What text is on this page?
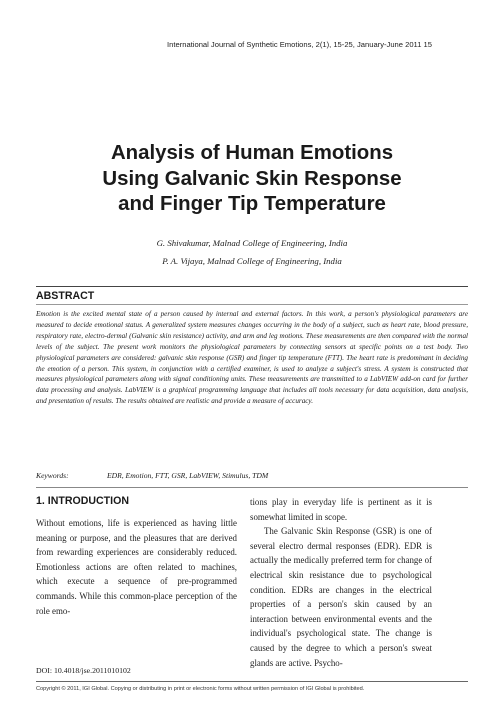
International Journal of Synthetic Emotions, 2(1), 15-25, January-June 2011 15
Analysis of Human Emotions
Using Galvanic Skin Response
and Finger Tip Temperature
G. Shivakumar, Malnad College of Engineering, India
P. A. Vijaya, Malnad College of Engineering, India
ABSTRACT
Emotion is the excited mental state of a person caused by internal and external factors. In this work, a person's physiological parameters are measured to decide emotional status. A generalized system measures changes occurring in the body of a subject, such as heart rate, blood pressure, respiratory rate, electro-dermal (Galvanic skin resistance) activity, and arm and leg motions. These measurements are then compared with the normal levels of the subject. The present work monitors the physiological parameters by connecting sensors at specific points on a test body. Two physiological parameters are considered: galvanic skin response (GSR) and finger tip temperature (FTT). The heart rate is predominant in deciding the emotion of a person. This system, in conjunction with a certified examiner, is used to analyze a subject's stress. A system is constructed that measures physiological parameters along with signal conditioning units. These measurements are transmitted to a LabVIEW add-on card for further data processing and analysis. LabVIEW is a graphical programming language that includes all tools necessary for data acquisition, data analysis, and presentation of results. The results obtained are realistic and provide a measure of accuracy.
Keywords:	EDR, Emotion, FTT, GSR, LabVIEW, Stimulus, TDM
1. INTRODUCTION

Without emotions, life is experienced as having little meaning or purpose, and the pleasures that are derived from rewarding experiences are considerably reduced. Emotionless actions are often related to machines, which execute a sequence of pre-programmed commands. While this common-place perception of the role emo-

tions play in everyday life is pertinent as it is somewhat limited in scope.

The Galvanic Skin Response (GSR) is one of several electro dermal responses (EDR). EDR is actually the medically preferred term for change of electrical skin resistance due to psychological condition. EDRs are changes in the electrical properties of a person's skin caused by an interaction between environmental events and the individual's psychological state. The change is caused by the degree to which a person's sweat glands are active. Psycho-

DOI: 10.4018/jse.2011010102
Copyright © 2011, IGI Global. Copying or distributing in print or electronic forms without written permission of IGI Global is prohibited.
